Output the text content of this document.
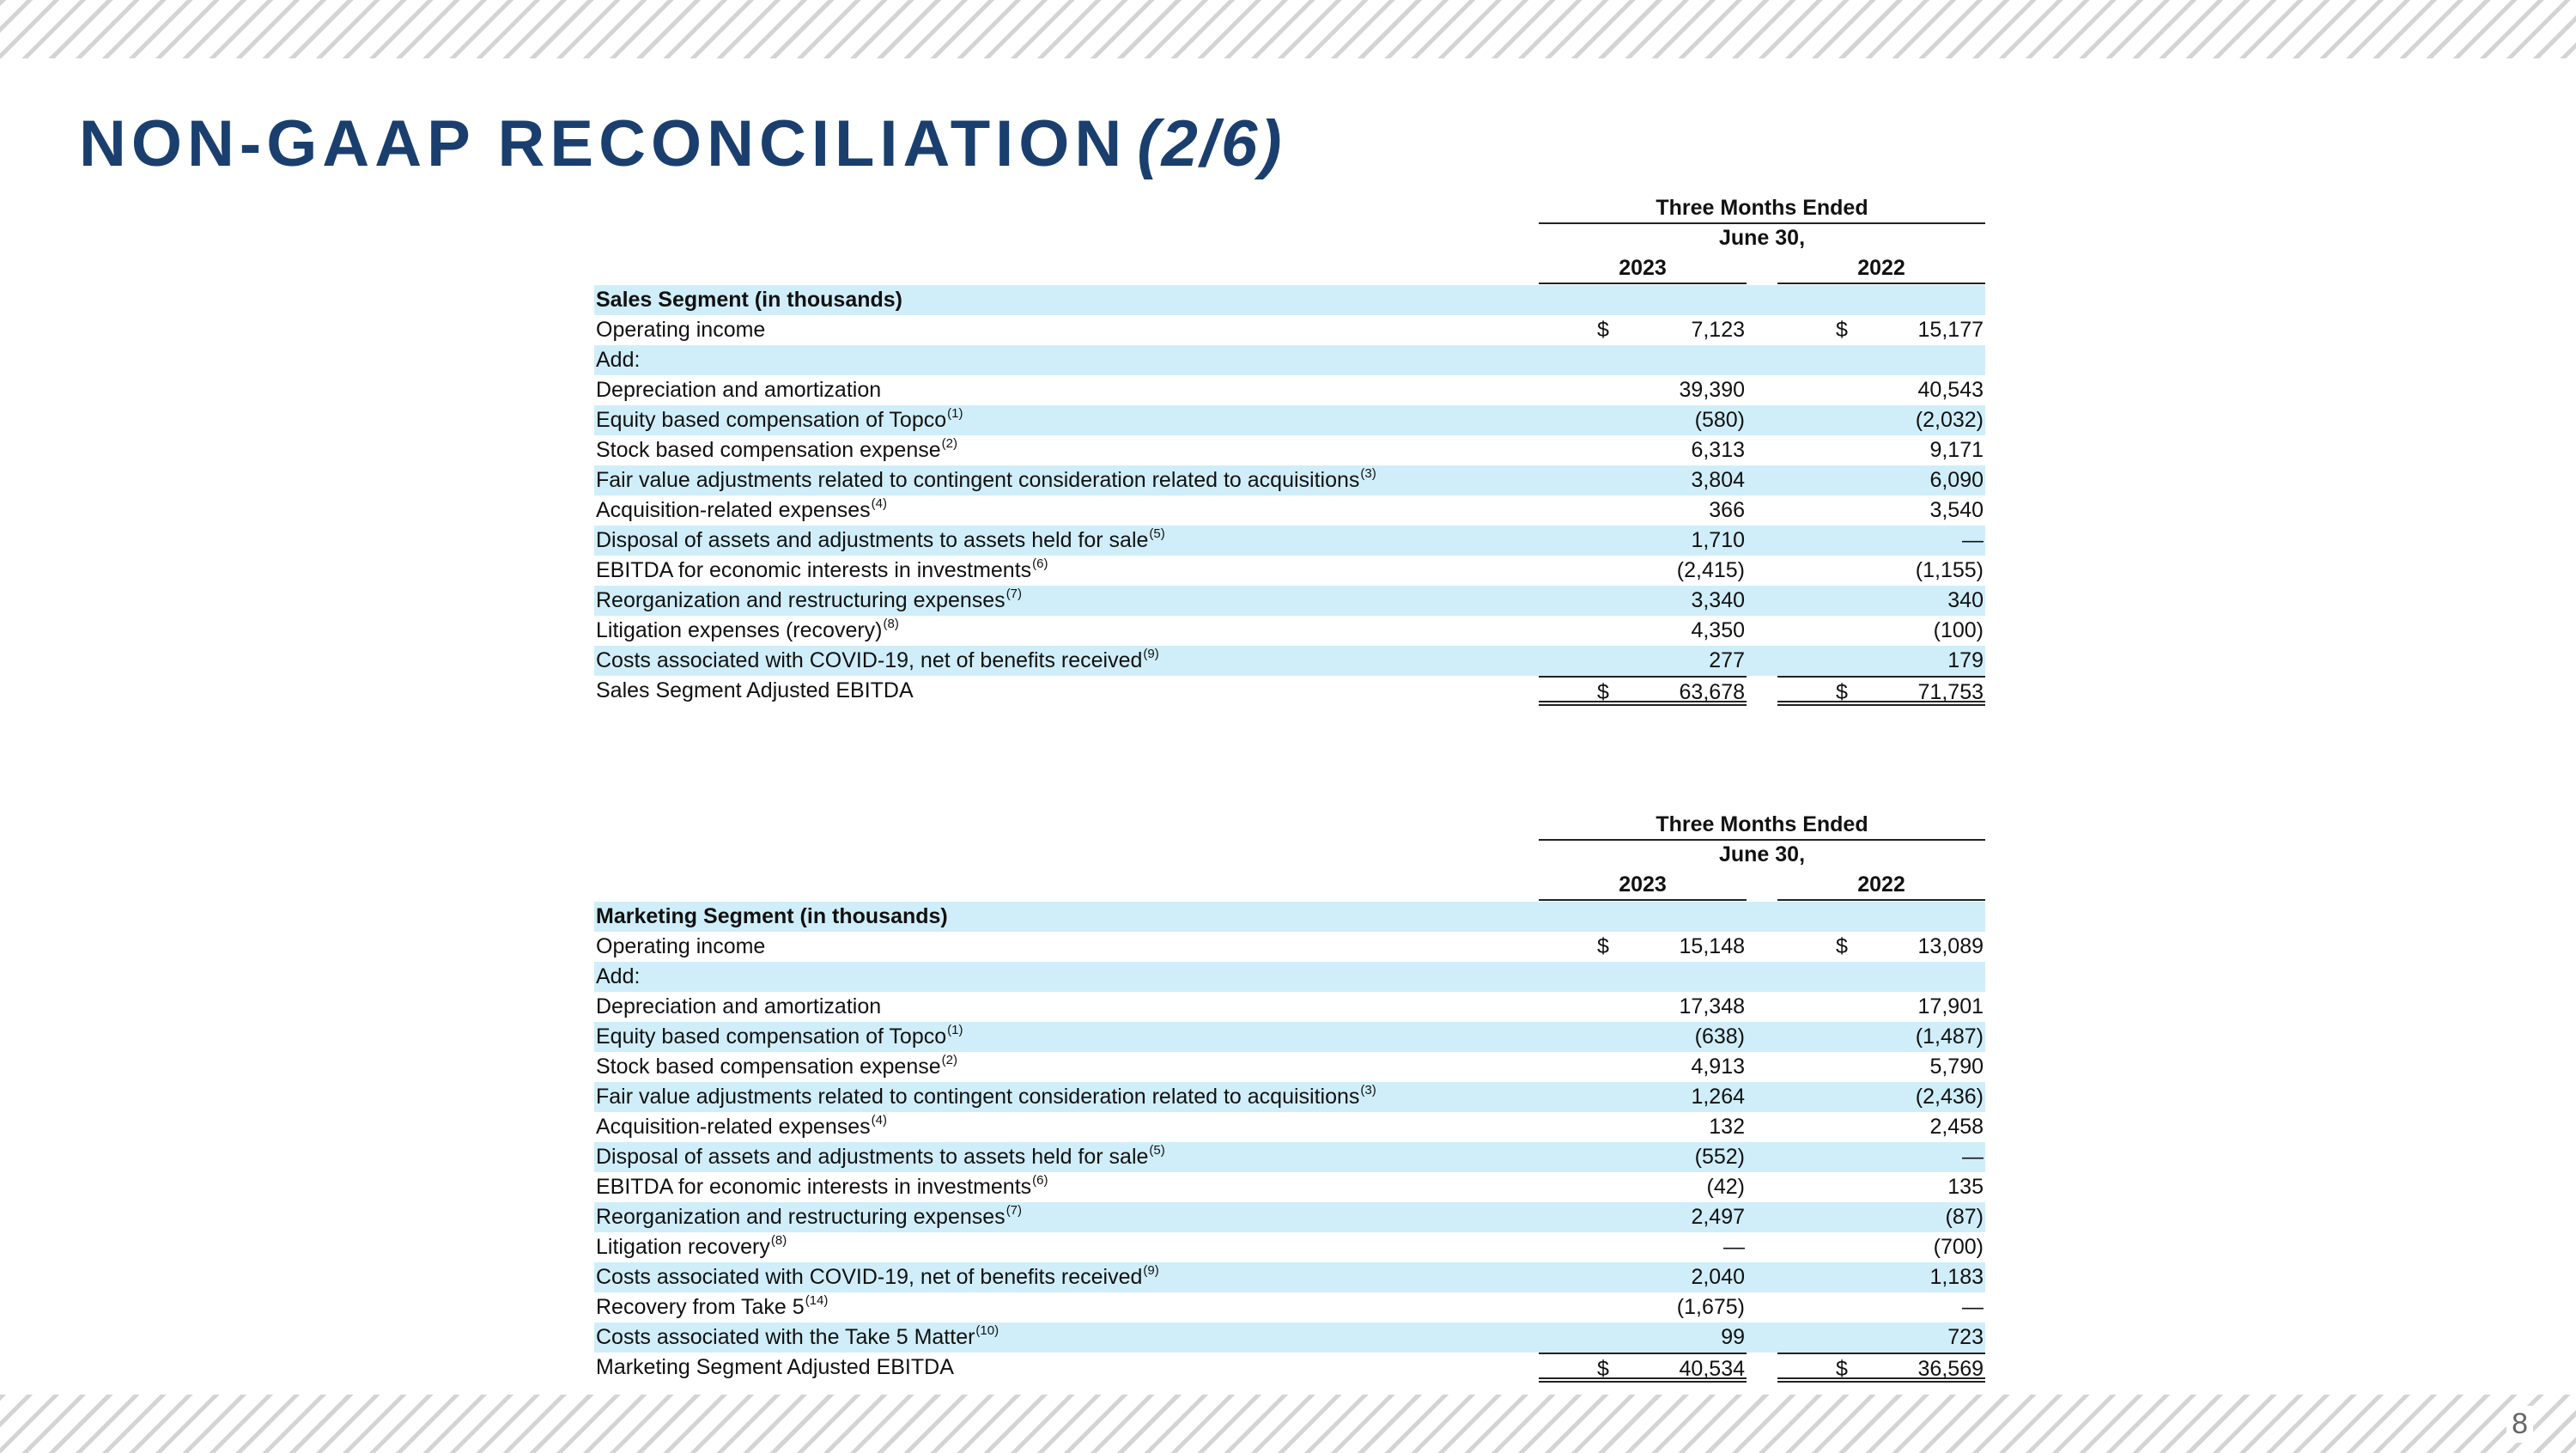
NON-GAAP RECONCILIATION (2/6)
Three Months Ended
June 30,
2023	2022
Sales Segment (in thousands)
Operating income	$	7,123	$	15,177
Add:
Depreciation and amortization	39,390	40,543
Equity based compensation of Topco$^{(1)}$	(580)	(2,032)
Stock based compensation expense$^{(2)}$	6,313	9,171
Fair value adjustments related to contingent consideration related to acquisitions$^{(3)}$	3,804	6,090
Acquisition-related expenses$^{(4)}$	366	3,540
Disposal of assets and adjustments to assets held for sale$^{(5)}$	1,710	—
EBITDA for economic interests in investments$^{(6)}$	(2,415)	(1,155)
Reorganization and restructuring expenses$^{(7)}$	3,340	340
Litigation expenses (recovery)$^{(8)}$	4,350	(100)
Costs associated with COVID-19, net of benefits received$^{(9)}$	277	179
Sales Segment Adjusted EBITDA	$	63,678	$	71,753
Three Months Ended
June 30,
2023	2022
Marketing Segment (in thousands)
Operating income	$	15,148	$	13,089
Add:
Depreciation and amortization	17,348	17,901
Equity based compensation of Topco$^{(1)}$	(638)	(1,487)
Stock based compensation expense$^{(2)}$	4,913	5,790
Fair value adjustments related to contingent consideration related to acquisitions$^{(3)}$	1,264	(2,436)
Acquisition-related expenses$^{(4)}$	132	2,458
Disposal of assets and adjustments to assets held for sale$^{(5)}$	(552)	—
EBITDA for economic interests in investments$^{(6)}$	(42)	135
Reorganization and restructuring expenses$^{(7)}$	2,497	(87)
Litigation recovery$^{(8)}$	—	(700)
Costs associated with COVID-19, net of benefits received$^{(9)}$	2,040	1,183
Recovery from Take 5$^{(14)}$	(1,675)	—
Costs associated with the Take 5 Matter$^{(10)}$	99	723
Marketing Segment Adjusted EBITDA	$	40,534	$	36,569
8
